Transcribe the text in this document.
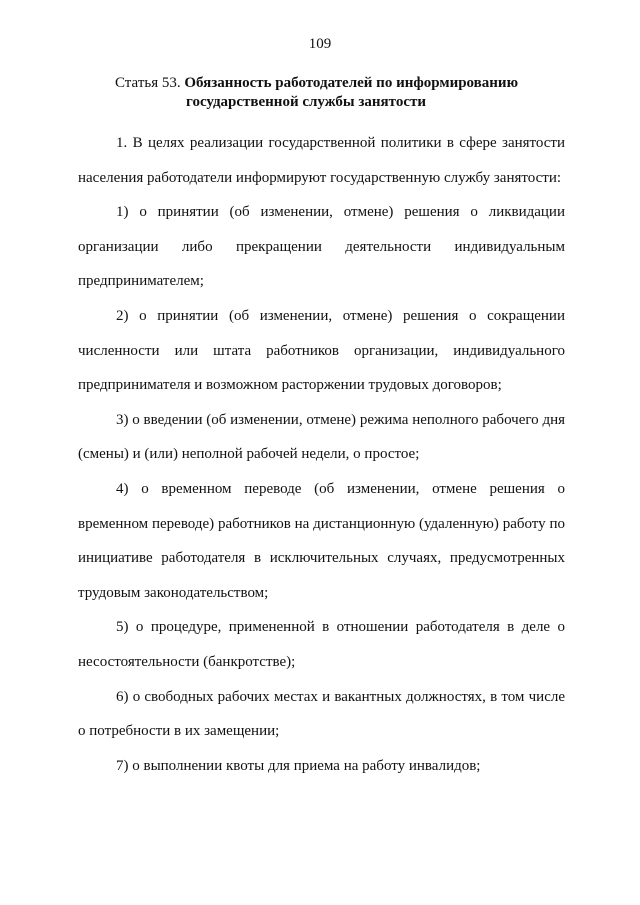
109
Статья 53. Обязанность работодателей по информированию
государственной службы занятости

1. В целях реализации государственной политики в сфере занятости населения работодатели информируют государственную службу занятости:

1) о принятии (об изменении, отмене) решения о ликвидации организации либо прекращении деятельности индивидуальным предпринимателем;

2) о принятии (об изменении, отмене) решения о сокращении численности или штата работников организации, индивидуального предпринимателя и возможном расторжении трудовых договоров;

3) о введении (об изменении, отмене) режима неполного рабочего дня (смены) и (или) неполной рабочей недели, о простое;

4) о временном переводе (об изменении, отмене решения о временном переводе) работников на дистанционную (удаленную) работу по инициативе работодателя в исключительных случаях, предусмотренных трудовым законодательством;

5) о процедуре, примененной в отношении работодателя в деле о несостоятельности (банкротстве);

6) о свободных рабочих местах и вакантных должностях, в том числе о потребности в их замещении;

7) о выполнении квоты для приема на работу инвалидов;
